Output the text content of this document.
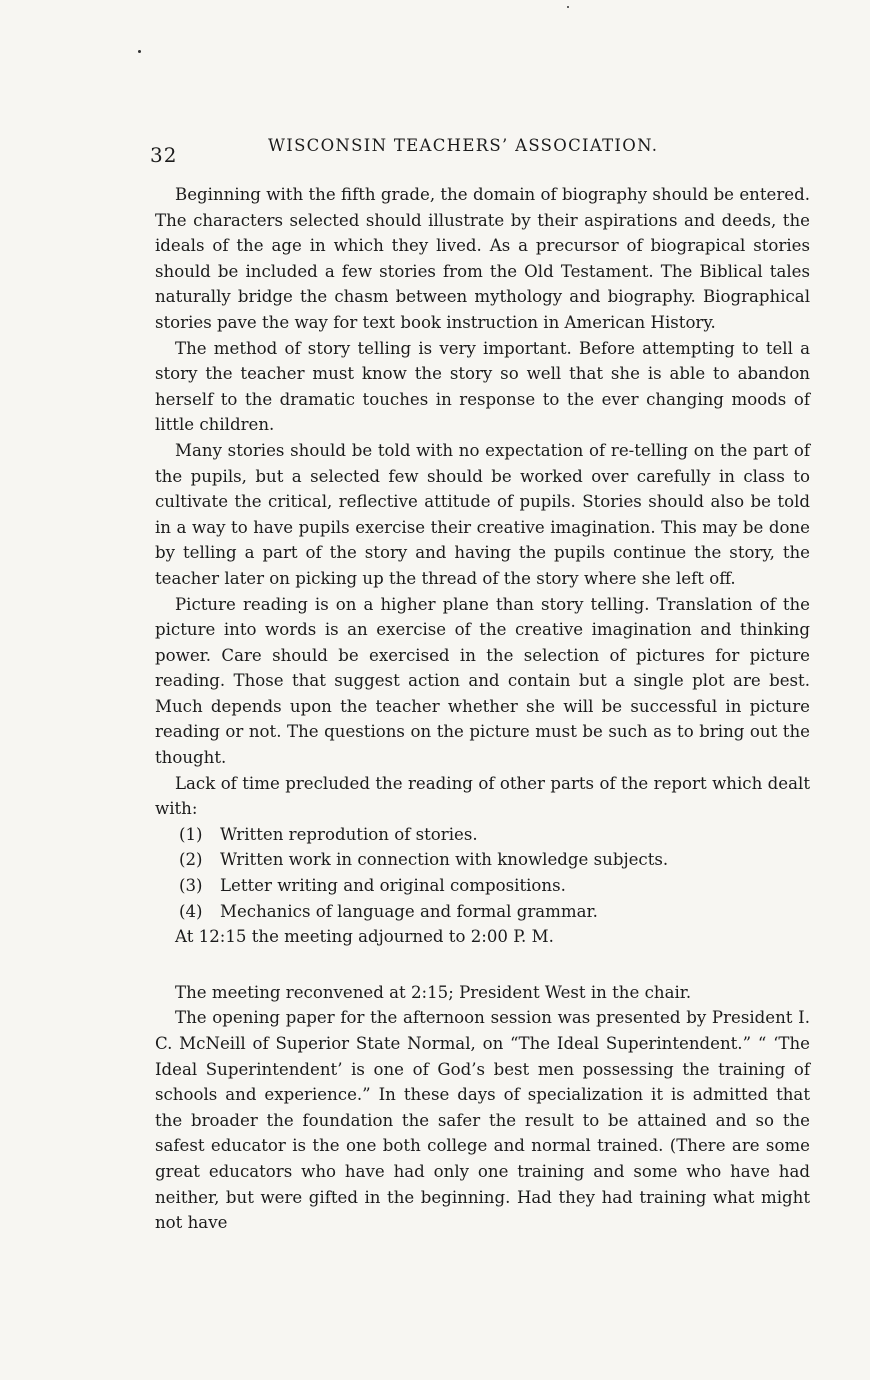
32	WISCONSIN TEACHERS’ ASSOCIATION.

Beginning with the fifth grade, the domain of biography should be entered. The characters selected should illustrate by their aspirations and deeds, the ideals of the age in which they lived. As a precursor of biograpical stories should be included a few stories from the Old Testament. The Biblical tales naturally bridge the chasm between mythology and biography. Biographical stories pave the way for text book instruction in American History.

The method of story telling is very important. Before attempting to tell a story the teacher must know the story so well that she is able to abandon herself to the dramatic touches in response to the ever changing moods of little children.

Many stories should be told with no expectation of re-telling on the part of the pupils, but a selected few should be worked over carefully in class to cultivate the critical, reflective attitude of pupils. Stories should also be told in a way to have pupils exercise their creative imagination. This may be done by telling a part of the story and having the pupils continue the story, the teacher later on picking up the thread of the story where she left off.

Picture reading is on a higher plane than story telling. Translation of the picture into words is an exercise of the creative imagination and thinking power. Care should be exercised in the selection of pictures for picture reading. Those that suggest action and contain but a single plot are best. Much depends upon the teacher whether she will be successful in picture reading or not. The questions on the picture must be such as to bring out the thought.

Lack of time precluded the reading of other parts of the report which dealt with:

(1) Written reprodution of stories.
(2) Written work in connection with knowledge subjects.
(3) Letter writing and original compositions.
(4) Mechanics of language and formal grammar.

At 12:15 the meeting adjourned to 2:00 P. M.

The meeting reconvened at 2:15; President West in the chair.

The opening paper for the afternoon session was presented by President I. C. McNeill of Superior State Normal, on “The Ideal Superintendent.” “ ‘The Ideal Superintendent’ is one of God’s best men possessing the training of schools and experience.” In these days of specialization it is admitted that the broader the foundation the safer the result to be attained and so the safest educator is the one both college and normal trained. (There are some great educators who have had only one training and some who have had neither, but were gifted in the beginning. Had they had training what might not have
